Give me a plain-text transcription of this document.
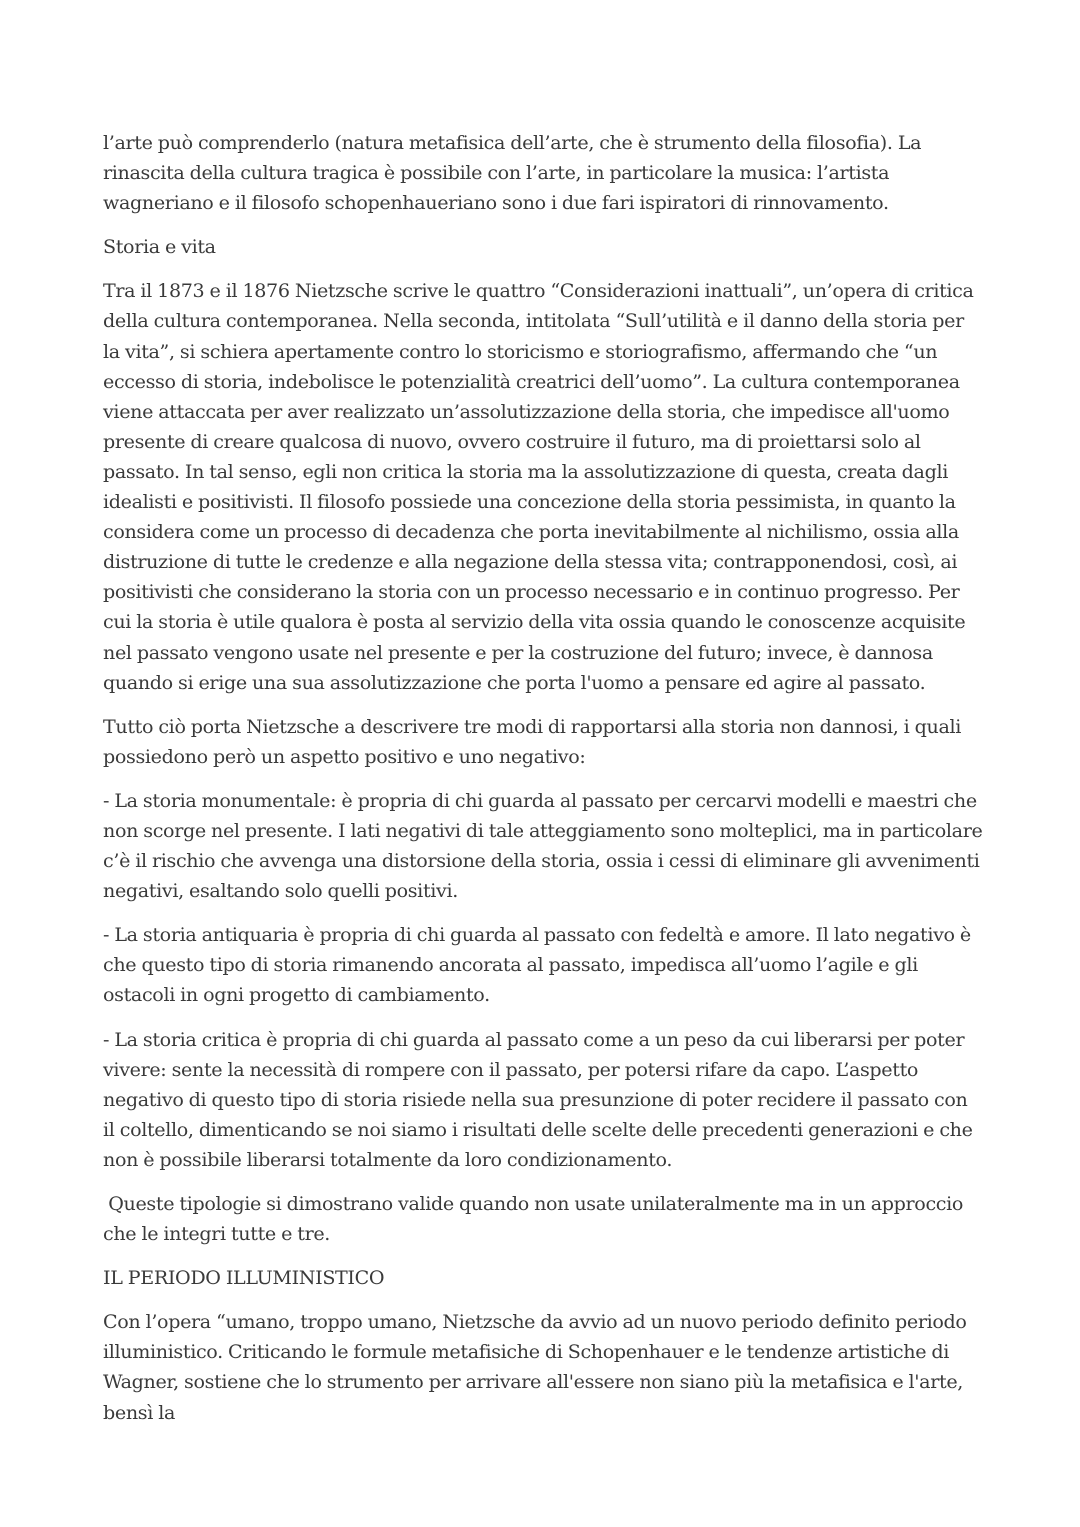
l’arte può comprenderlo (natura metafisica dell’arte, che è strumento della filosofia). La rinascita della cultura tragica è possibile con l’arte, in particolare la musica: l’artista wagneriano e il filosofo schopenhaueriano sono i due fari ispiratori di rinnovamento.

Storia e vita

Tra il 1873 e il 1876 Nietzsche scrive le quattro “Considerazioni inattuali”, un’opera di critica della cultura contemporanea. Nella seconda, intitolata “Sull’utilità e il danno della storia per la vita”, si schiera apertamente contro lo storicismo e storiografismo, affermando che “un eccesso di storia, indebolisce le potenzialità creatrici dell’uomo”. La cultura contemporanea viene attaccata per aver realizzato un’assolutizzazione della storia, che impedisce all'uomo presente di creare qualcosa di nuovo, ovvero costruire il futuro, ma di proiettarsi solo al passato. In tal senso, egli non critica la storia ma la assolutizzazione di questa, creata dagli idealisti e positivisti. Il filosofo possiede una concezione della storia pessimista, in quanto la considera come un processo di decadenza che porta inevitabilmente al nichilismo, ossia alla distruzione di tutte le credenze e alla negazione della stessa vita; contrapponendosi, così, ai positivisti che considerano la storia con un processo necessario e in continuo progresso. Per cui la storia è utile qualora è posta al servizio della vita ossia quando le conoscenze acquisite nel passato vengono usate nel presente e per la costruzione del futuro; invece, è dannosa quando si erige una sua assolutizzazione che porta l'uomo a pensare ed agire al passato.

Tutto ciò porta Nietzsche a descrivere tre modi di rapportarsi alla storia non dannosi, i quali possiedono però un aspetto positivo e uno negativo:

- La storia monumentale: è propria di chi guarda al passato per cercarvi modelli e maestri che non scorge nel presente. I lati negativi di tale atteggiamento sono molteplici, ma in particolare c’è il rischio che avvenga una distorsione della storia, ossia i cessi di eliminare gli avvenimenti negativi, esaltando solo quelli positivi.

- La storia antiquaria è propria di chi guarda al passato con fedeltà e amore. Il lato negativo è che questo tipo di storia rimanendo ancorata al passato, impedisca all’uomo l’agile e gli ostacoli in ogni progetto di cambiamento.

- La storia critica è propria di chi guarda al passato come a un peso da cui liberarsi per poter vivere: sente la necessità di rompere con il passato, per potersi rifare da capo. L’aspetto negativo di questo tipo di storia risiede nella sua presunzione di poter recidere il passato con il coltello, dimenticando se noi siamo i risultati delle scelte delle precedenti generazioni e che non è possibile liberarsi totalmente da loro condizionamento.

Queste tipologie si dimostrano valide quando non usate unilateralmente ma in un approccio che le integri tutte e tre.

IL PERIODO ILLUMINISTICO

Con l’opera “umano, troppo umano, Nietzsche da avvio ad un nuovo periodo definito periodo illuministico. Criticando le formule metafisiche di Schopenhauer e le tendenze artistiche di Wagner, sostiene che lo strumento per arrivare all'essere non siano più la metafisica e l'arte, bensì la
